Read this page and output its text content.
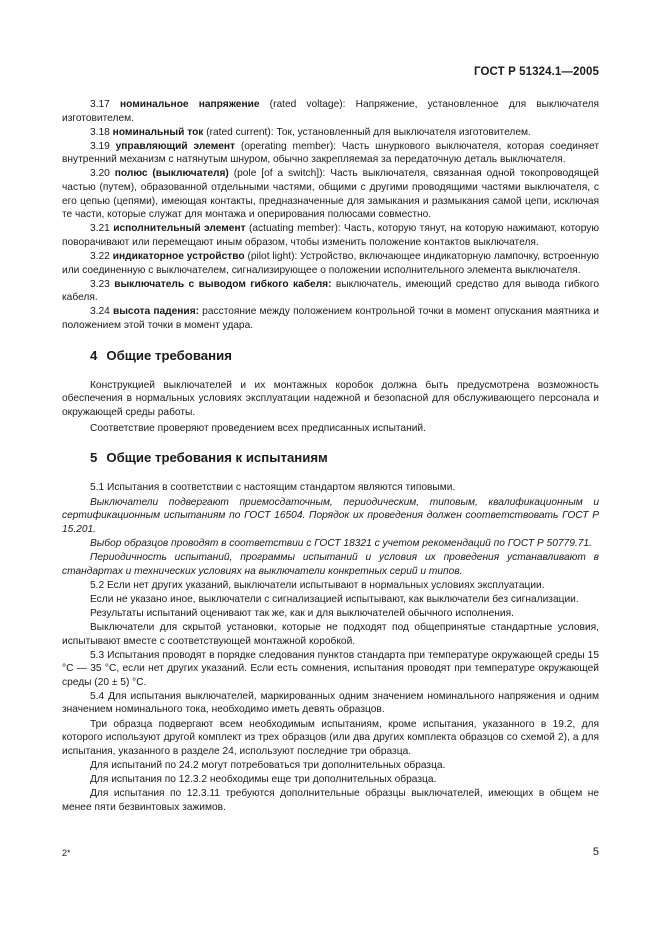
ГОСТ Р 51324.1—2005

3.17 номинальное напряжение (rated voltage): Напряжение, установленное для выключателя изготовителем.

3.18 номинальный ток (rated current): Ток, установленный для выключателя изготовителем.

3.19 управляющий элемент (operating member): Часть шнуркового выключателя, которая соединяет внутренний механизм с натянутым шнуром, обычно закрепляемая за передаточную деталь выключателя.

3.20 полюс (выключателя) (pole [of a switch]): Часть выключателя, связанная одной токопроводящей частью (путем), образованной отдельными частями, общими с другими проводящими частями выключателя, с его цепью (цепями), имеющая контакты, предназначенные для замыкания и размыкания самой цепи, исключая те части, которые служат для монтажа и оперирования полюсами совместно.

3.21 исполнительный элемент (actuating member): Часть, которую тянут, на которую нажимают, которую поворачивают или перемещают иным образом, чтобы изменить положение контактов выключателя.

3.22 индикаторное устройство (pilot light): Устройство, включающее индикаторную лампочку, встроенную или соединенную с выключателем, сигнализирующее о положении исполнительного элемента выключателя.

3.23 выключатель с выводом гибкого кабеля: выключатель, имеющий средство для вывода гибкого кабеля.

3.24 высота падения: расстояние между положением контрольной точки в момент опускания маятника и положением этой точки в момент удара.

4 Общие требования

Конструкцией выключателей и их монтажных коробок должна быть предусмотрена возможность обеспечения в нормальных условиях эксплуатации надежной и безопасной для обслуживающего персонала и окружающей среды работы.

Соответствие проверяют проведением всех предписанных испытаний.

5 Общие требования к испытаниям

5.1 Испытания в соответствии с настоящим стандартом являются типовыми.

Выключатели подвергают приемосдаточным, периодическим, типовым, квалификационным и сертификационным испытаниям по ГОСТ 16504. Порядок их проведения должен соответствовать ГОСТ Р 15.201.

Выбор образцов проводят в соответствии с ГОСТ 18321 с учетом рекомендаций по ГОСТ Р 50779.71.

Периодичность испытаний, программы испытаний и условия их проведения устанавливают в стандартах и технических условиях на выключатели конкретных серий и типов.

5.2 Если нет других указаний, выключатели испытывают в нормальных условиях эксплуатации.

Если не указано иное, выключатели с сигнализацией испытывают, как выключатели без сигнализации.

Результаты испытаний оценивают так же, как и для выключателей обычного исполнения.

Выключатели для скрытой установки, которые не подходят под общепринятые стандартные условия, испытывают вместе с соответствующей монтажной коробкой.

5.3 Испытания проводят в порядке следования пунктов стандарта при температуре окружающей среды 15 °С — 35 °С, если нет других указаний. Если есть сомнения, испытания проводят при температуре окружающей среды (20 ± 5) °С.

5.4 Для испытания выключателей, маркированных одним значением номинального напряжения и одним значением номинального тока, необходимо иметь девять образцов.

Три образца подвергают всем необходимым испытаниям, кроме испытания, указанного в 19.2, для которого используют другой комплект из трех образцов (или два других комплекта образцов со схемой 2), а для испытания, указанного в разделе 24, используют последние три образца.

Для испытаний по 24.2 могут потребоваться три дополнительных образца.

Для испытания по 12.3.2 необходимы еще три дополнительных образца.

Для испытания по 12.3.11 требуются дополнительные образцы выключателей, имеющих в общем не менее пяти безвинтовых зажимов.

2*	5
